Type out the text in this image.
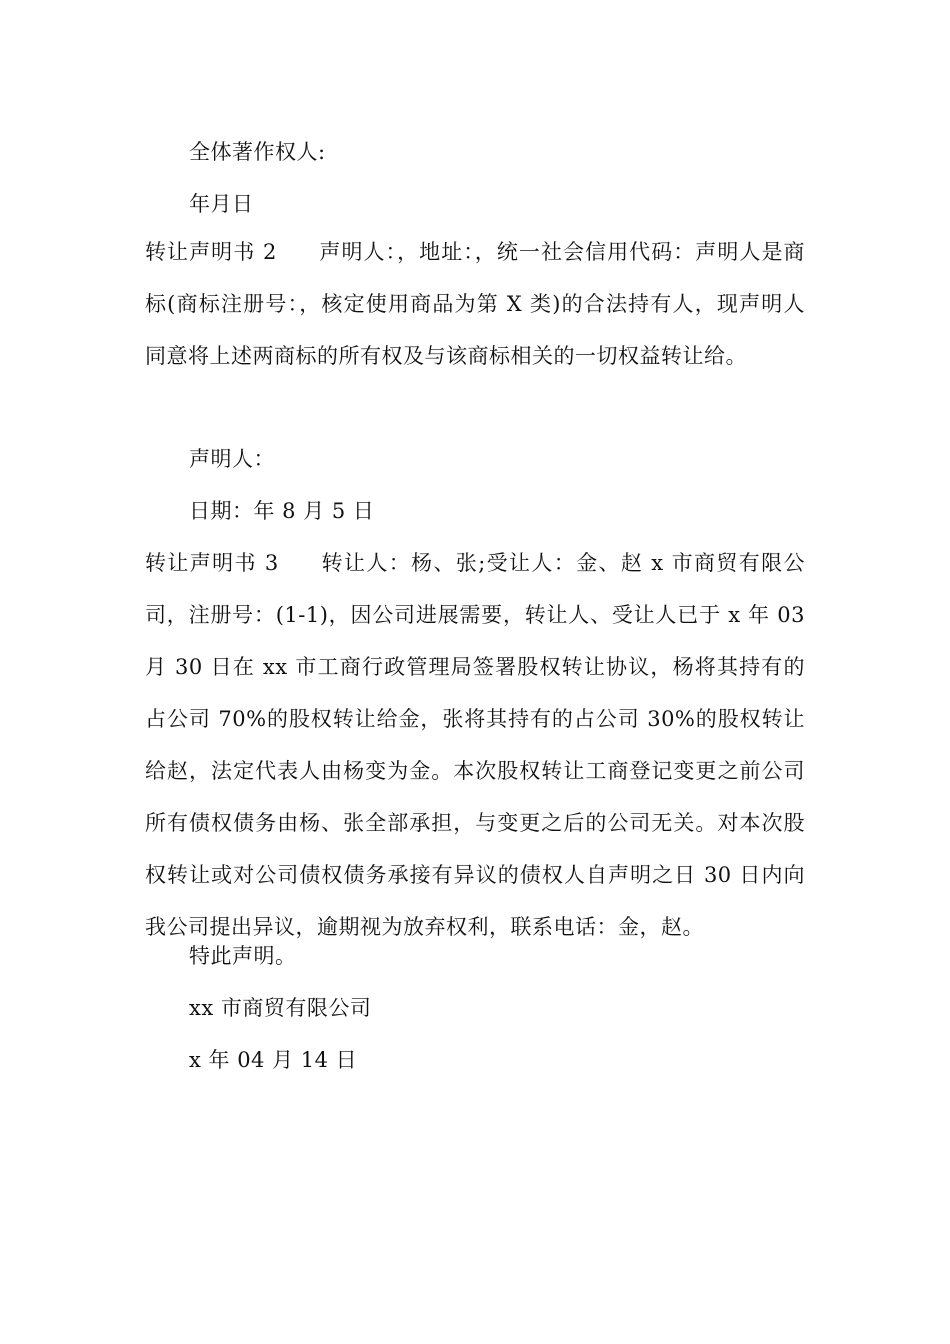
全体著作权人:

年月日

转让声明书 2 声明人：，地址：，统一社会信用代码：声明人是商标(商标注册号：，核定使用商品为第 X 类)的合法持有人，现声明人同意将上述两商标的所有权及与该商标相关的一切权益转让给。

声明人：

日期：年 8 月 5 日

转让声明书 3 转让人：杨、张;受让人：金、赵 x 市商贸有限公司，注册号：(1-1)，因公司进展需要，转让人、受让人已于 x 年 03 月 30 日在 xx 市工商行政管理局签署股权转让协议，杨将其持有的占公司 70%的股权转让给金，张将其持有的占公司 30%的股权转让给赵，法定代表人由杨变为金。本次股权转让工商登记变更之前公司所有债权债务由杨、张全部承担，与变更之后的公司无关。对本次股权转让或对公司债权债务承接有异议的债权人自声明之日 30 日内向我公司提出异议，逾期视为放弃权利，联系电话：金，赵。

特此声明。

xx 市商贸有限公司

x 年 04 月 14 日
